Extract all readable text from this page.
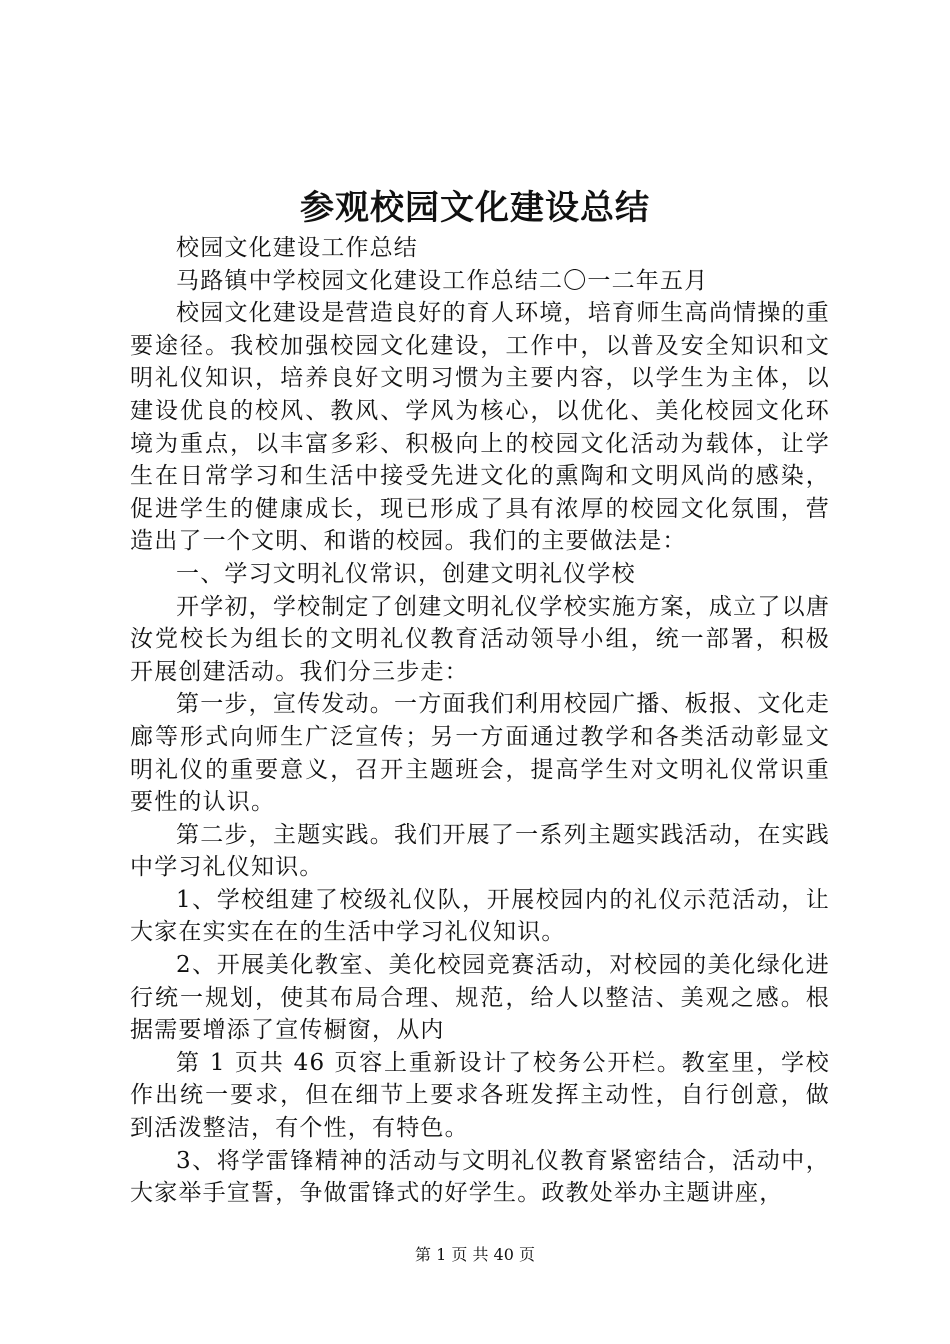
参观校园文化建设总结

校园文化建设工作总结

马路镇中学校园文化建设工作总结二〇一二年五月

校园文化建设是营造良好的育人环境，培育师生高尚情操的重要途径。我校加强校园文化建设，工作中，以普及安全知识和文明礼仪知识，培养良好文明习惯为主要内容，以学生为主体，以建设优良的校风、教风、学风为核心，以优化、美化校园文化环境为重点，以丰富多彩、积极向上的校园文化活动为载体，让学生在日常学习和生活中接受先进文化的熏陶和文明风尚的感染，促进学生的健康成长，现已形成了具有浓厚的校园文化氛围，营造出了一个文明、和谐的校园。我们的主要做法是：

一、学习文明礼仪常识，创建文明礼仪学校

开学初，学校制定了创建文明礼仪学校实施方案，成立了以唐汝党校长为组长的文明礼仪教育活动领导小组，统一部署，积极开展创建活动。我们分三步走：

第一步，宣传发动。一方面我们利用校园广播、板报、文化走廊等形式向师生广泛宣传；另一方面通过教学和各类活动彰显文明礼仪的重要意义，召开主题班会，提高学生对文明礼仪常识重要性的认识。

第二步，主题实践。我们开展了一系列主题实践活动，在实践中学习礼仪知识。

1、学校组建了校级礼仪队，开展校园内的礼仪示范活动，让大家在实实在在的生活中学习礼仪知识。

2、开展美化教室、美化校园竞赛活动，对校园的美化绿化进行统一规划，使其布局合理、规范，给人以整洁、美观之感。根据需要增添了宣传橱窗，从内

第 1 页共 46 页容上重新设计了校务公开栏。教室里，学校作出统一要求，但在细节上要求各班发挥主动性，自行创意，做到活泼整洁，有个性，有特色。

3、将学雷锋精神的活动与文明礼仪教育紧密结合，活动中，大家举手宣誓，争做雷锋式的好学生。政教处举办主题讲座，

第 1 页 共 40 页
